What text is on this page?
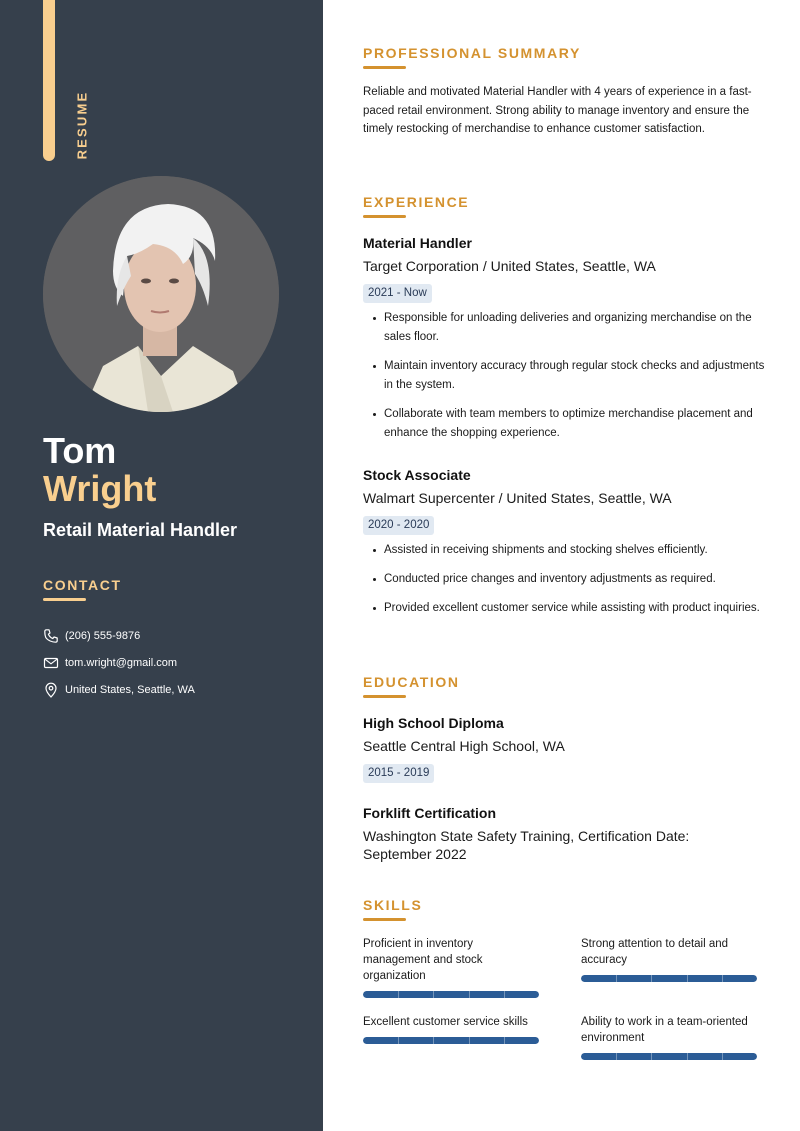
RESUME
Tom
Wright
Retail Material Handler
CONTACT
(206) 555-9876
tom.wright@gmail.com
United States, Seattle, WA
PROFESSIONAL SUMMARY
Reliable and motivated Material Handler with 4 years of experience in a fast-paced retail environment. Strong ability to manage inventory and ensure the timely restocking of merchandise to enhance customer satisfaction.
EXPERIENCE
Material Handler
Target Corporation / United States, Seattle, WA
2021 - Now
Responsible for unloading deliveries and organizing merchandise on the sales floor.
Maintain inventory accuracy through regular stock checks and adjustments in the system.
Collaborate with team members to optimize merchandise placement and enhance the shopping experience.
Stock Associate
Walmart Supercenter / United States, Seattle, WA
2020 - 2020
Assisted in receiving shipments and stocking shelves efficiently.
Conducted price changes and inventory adjustments as required.
Provided excellent customer service while assisting with product inquiries.
EDUCATION
High School Diploma
Seattle Central High School, WA
2015 - 2019
Forklift Certification
Washington State Safety Training, Certification Date: September 2022
SKILLS
Proficient in inventory management and stock organization
Strong attention to detail and accuracy
Excellent customer service skills	Ability to work in a team-oriented environment
